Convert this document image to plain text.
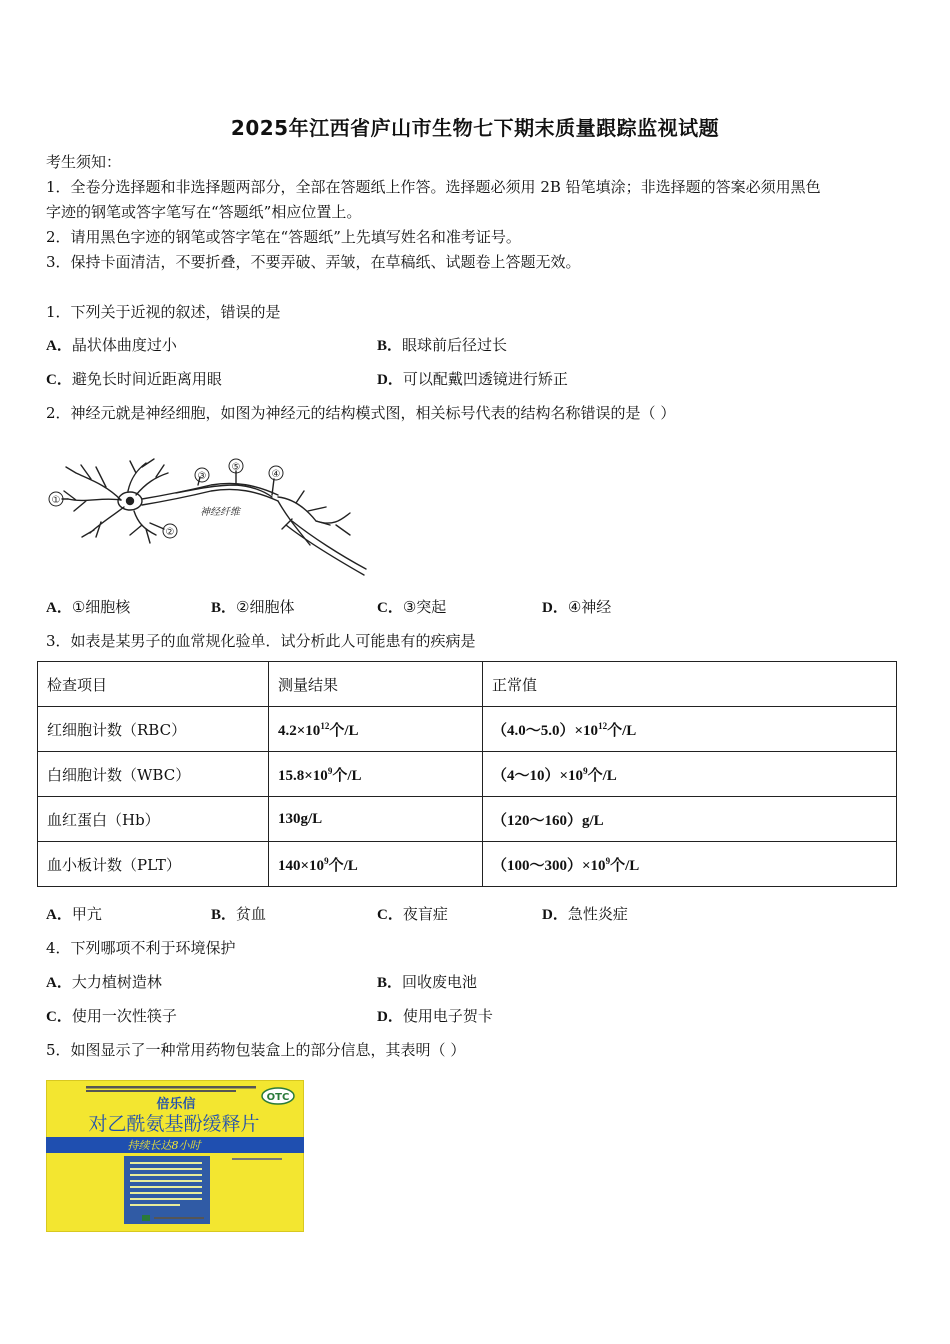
2025年江西省庐山市生物七下期末质量跟踪监视试题
考生须知：
1．全卷分选择题和非选择题两部分，全部在答题纸上作答。选择题必须用 2B 铅笔填涂；非选择题的答案必须用黑色
字迹的钢笔或答字笔写在“答题纸”相应位置上。
2．请用黑色字迹的钢笔或答字笔在“答题纸”上先填写姓名和准考证号。
3．保持卡面清洁，不要折叠，不要弄破、弄皱，在草稿纸、试题卷上答题无效。
1．下列关于近视的叙述，错误的是
A．晶状体曲度过小	B．眼球前后径过长
C．避免长时间近距离用眼	D．可以配戴凹透镜进行矫正
2．神经元就是神经细胞，如图为神经元的结构模式图，相关标号代表的结构名称错误的是（ ）
①
②
③
⑤
④
神经纤维
A．①细胞核	B．②细胞体	C．③突起	D．④神经
3．如表是某男子的血常规化验单．试分析此人可能患有的疾病是
检查项目	测量结果	正常值
红细胞计数（RBC）	$4.2\times 10^{12}$个/L	$(4.0\sim 5.0)\times 10^{12}$个/L
白细胞计数（WBC）	$15.8\times 10^9$个/L	$(4\sim 10)\times 10^9$个/L
血红蛋白（Hb）	130g/L	（120～160）g/L
血小板计数（PLT）	$140\times 10^9$个/L	$(100\sim 300)\times 10^9$个/L
A．甲亢	B．贫血	C．夜盲症	D．急性炎症
4．下列哪项不利于环境保护
A．大力植树造林	B．回收废电池
C．使用一次性筷子	D．使用电子贺卡
5．如图显示了一种常用药物包装盒上的部分信息，其表明（ ）
OTC
倍乐信
对乙酰氨基酚缓释片
持续长达8小时
